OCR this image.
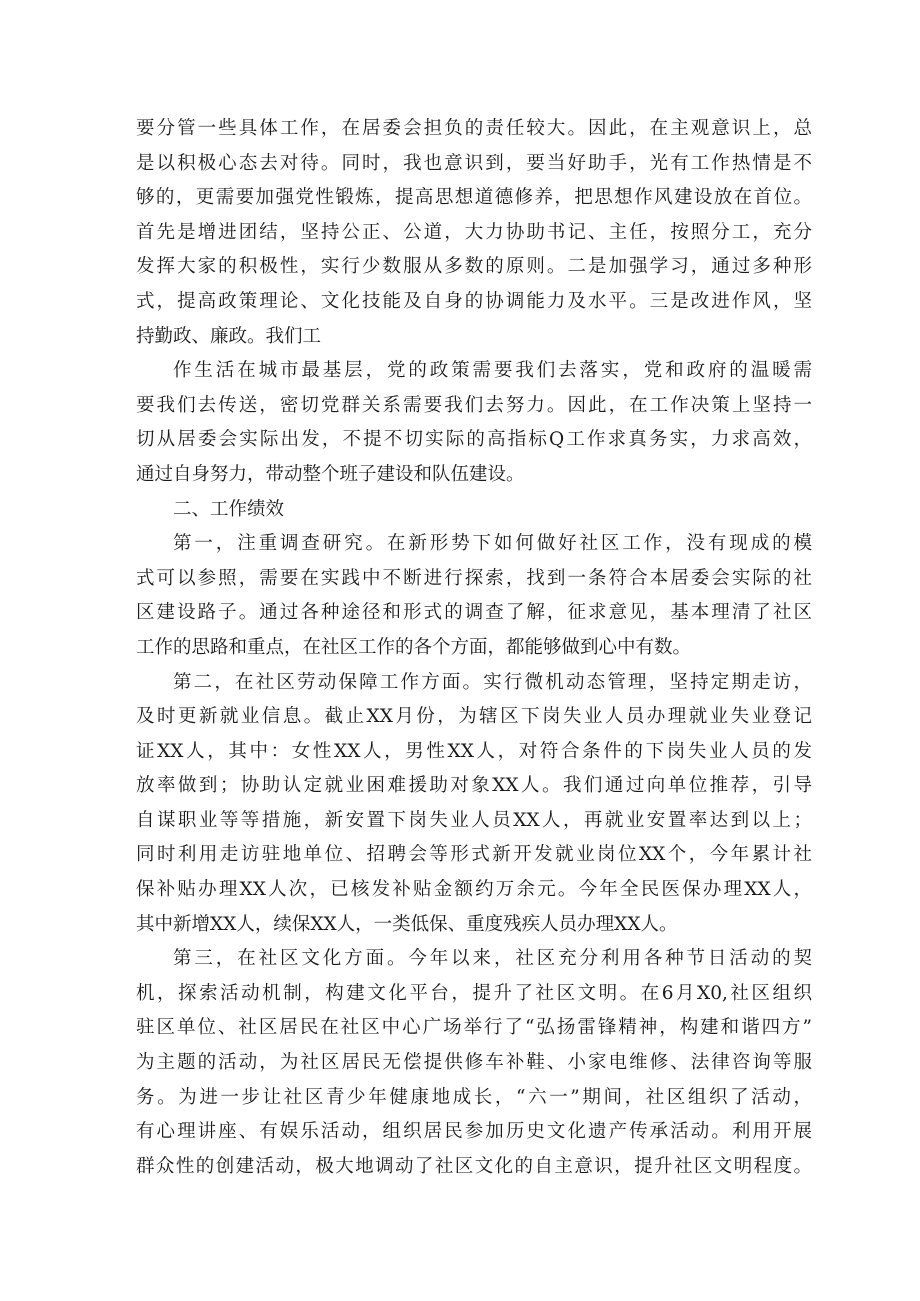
要分管一些具体工作，在居委会担负的责任较大。因此，在主观意识上，总
是以积极心态去对待。同时，我也意识到，要当好助手，光有工作热情是不
够的，更需要加强党性锻炼，提高思想道德修养，把思想作风建设放在首位。
首先是增进团结，坚持公正、公道，大力协助书记、主任，按照分工，充分
发挥大家的积极性，实行少数服从多数的原则。二是加强学习，通过多种形
式，提高政策理论、文化技能及自身的协调能力及水平。三是改进作风，坚
持勤政、廉政。我们工
作生活在城市最基层，党的政策需要我们去落实，党和政府的温暖需
要我们去传送，密切党群关系需要我们去努力。因此，在工作决策上坚持一
切从居委会实际出发，不提不切实际的高指标Q工作求真务实，力求高效，
通过自身努力，带动整个班子建设和队伍建设。
二、工作绩效
第一，注重调查研究。在新形势下如何做好社区工作，没有现成的模
式可以参照，需要在实践中不断进行探索，找到一条符合本居委会实际的社
区建设路子。通过各种途径和形式的调查了解，征求意见，基本理清了社区
工作的思路和重点，在社区工作的各个方面，都能够做到心中有数。
第二，在社区劳动保障工作方面。实行微机动态管理，坚持定期走访，
及时更新就业信息。截止XX月份，为辖区下岗失业人员办理就业失业登记
证XX人，其中：女性XX人，男性XX人，对符合条件的下岗失业人员的发
放率做到；协助认定就业困难援助对象XX人。我们通过向单位推荐，引导
自谋职业等等措施，新安置下岗失业人员XX人，再就业安置率达到以上；
同时利用走访驻地单位、招聘会等形式新开发就业岗位XX个，今年累计社
保补贴办理XX人次，已核发补贴金额约万余元。今年全民医保办理XX人，
其中新增XX人，续保XX人，一类低保、重度残疾人员办理XX人。
第三，在社区文化方面。今年以来，社区充分利用各种节日活动的契
机，探索活动机制，构建文化平台，提升了社区文明。在6月X0,社区组织
驻区单位、社区居民在社区中心广场举行了“弘扬雷锋精神，构建和谐四方”
为主题的活动，为社区居民无偿提供修车补鞋、小家电维修、法律咨询等服
务。为进一步让社区青少年健康地成长，“六一”期间，社区组织了活动，
有心理讲座、有娱乐活动，组织居民参加历史文化遗产传承活动。利用开展
群众性的创建活动，极大地调动了社区文化的自主意识，提升社区文明程度。
